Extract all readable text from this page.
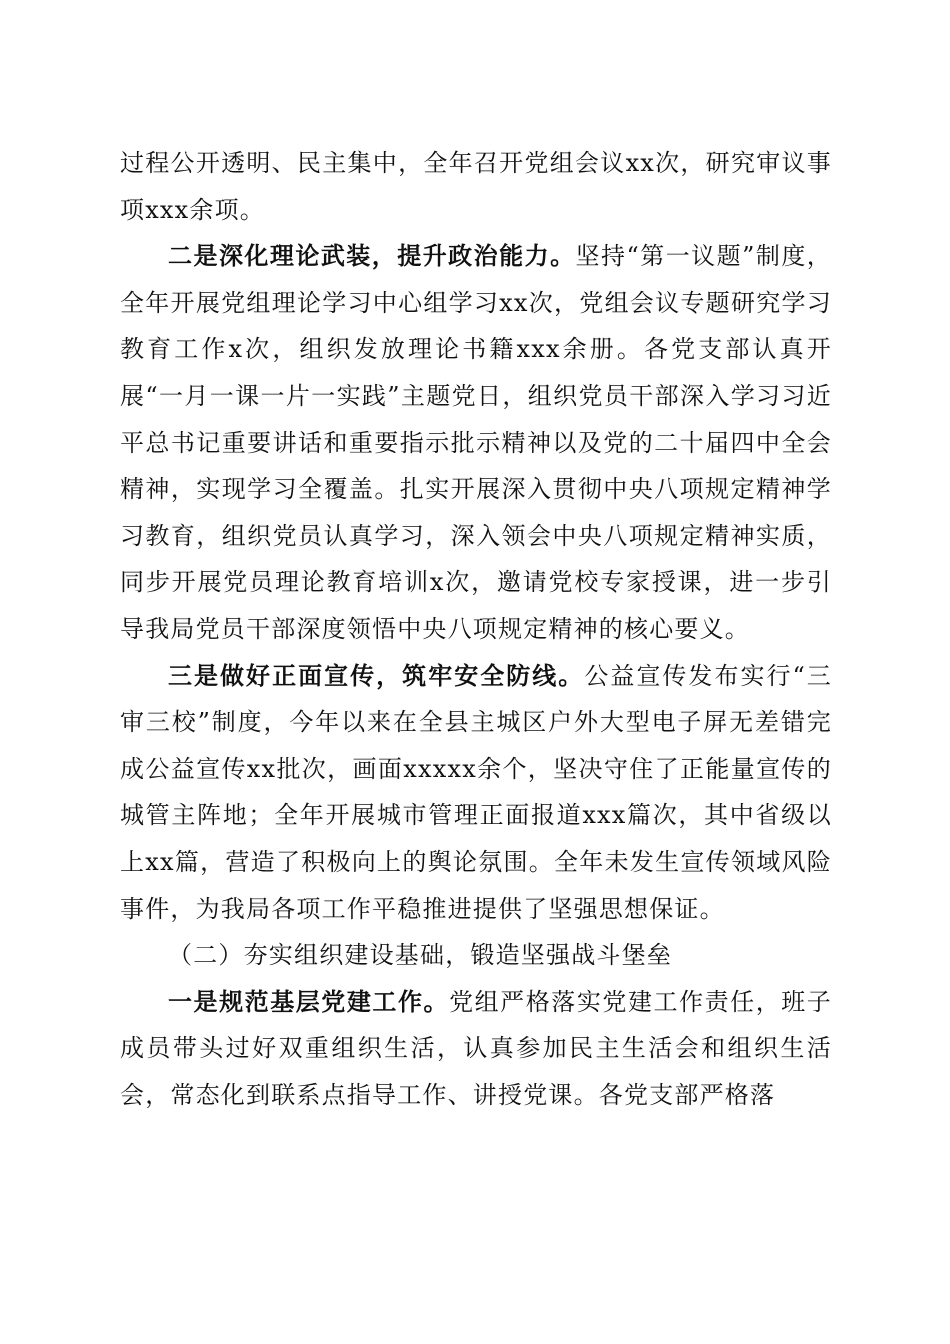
过程公开透明、民主集中，全年召开党组会议xx次，研究审议事项xxx余项。

二是深化理论武装，提升政治能力。坚持“第一议题”制度，全年开展党组理论学习中心组学习xx次，党组会议专题研究学习教育工作x次，组织发放理论书籍xxx余册。各党支部认真开展“一月一课一片一实践”主题党日，组织党员干部深入学习习近平总书记重要讲话和重要指示批示精神以及党的二十届四中全会精神，实现学习全覆盖。扎实开展深入贯彻中央八项规定精神学习教育，组织党员认真学习，深入领会中央八项规定精神实质，同步开展党员理论教育培训x次，邀请党校专家授课，进一步引导我局党员干部深度领悟中央八项规定精神的核心要义。

三是做好正面宣传，筑牢安全防线。公益宣传发布实行“三审三校”制度，今年以来在全县主城区户外大型电子屏无差错完成公益宣传xx批次，画面xxxxx余个，坚决守住了正能量宣传的城管主阵地；全年开展城市管理正面报道xxx篇次，其中省级以上xx篇，营造了积极向上的舆论氛围。全年未发生宣传领域风险事件，为我局各项工作平稳推进提供了坚强思想保证。

（二）夯实组织建设基础，锻造坚强战斗堡垒

一是规范基层党建工作。党组严格落实党建工作责任，班子成员带头过好双重组织生活，认真参加民主生活会和组织生活会，常态化到联系点指导工作、讲授党课。各党支部严格落
